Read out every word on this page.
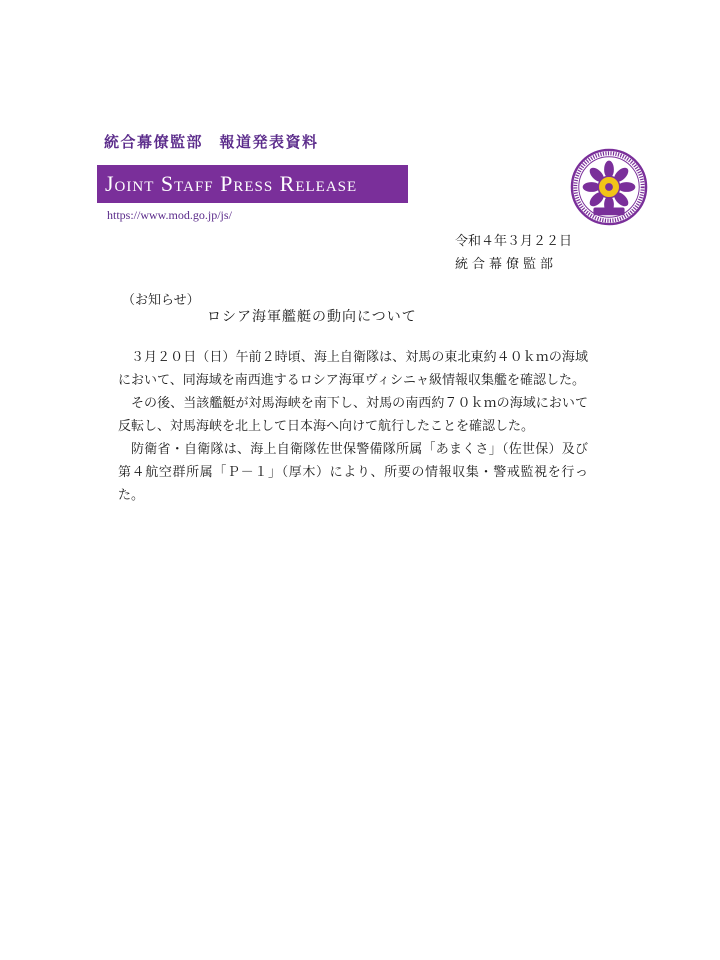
統合幕僚監部　報道発表資料
Joint Staff Press Release
https://www.mod.go.jp/js/
令和４年３月２２日
統合幕僚監部
（お知らせ）
ロシア海軍艦艇の動向について

３月２０日（日）午前２時頃、海上自衛隊は、対馬の東北東約４０ｋｍの海域において、同海域を南西進するロシア海軍ヴィシニャ級情報収集艦を確認した。

その後、当該艦艇が対馬海峡を南下し、対馬の南西約７０ｋｍの海域において反転し、対馬海峡を北上して日本海へ向けて航行したことを確認した。

防衛省・自衛隊は、海上自衛隊佐世保警備隊所属「あまくさ」（佐世保）及び第４航空群所属「Ｐ－１」（厚木）により、所要の情報収集・警戒監視を行った。
